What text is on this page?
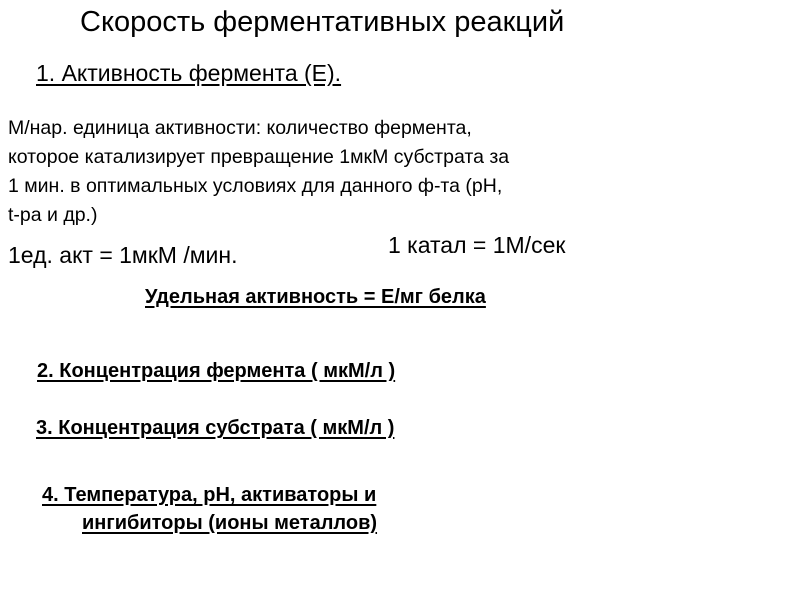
Скорость ферментативных реакций
1. Активность фермента (Е).
М/нар. единица активности: количество фермента,
которое катализирует превращение 1мкМ субстрата за
1 мин. в оптимальных условиях для данного ф-та (рН,
t-ра и др.)
1ед. акт = 1мкМ /мин.	1 катал = 1М/сек
Удельная активность = Е/мг белка
2. Концентрация фермента ( мкМ/л )
3. Концентрация субстрата ( мкМ/л )
4. Температура, рН, активаторы и
ингибиторы (ионы металлов)
